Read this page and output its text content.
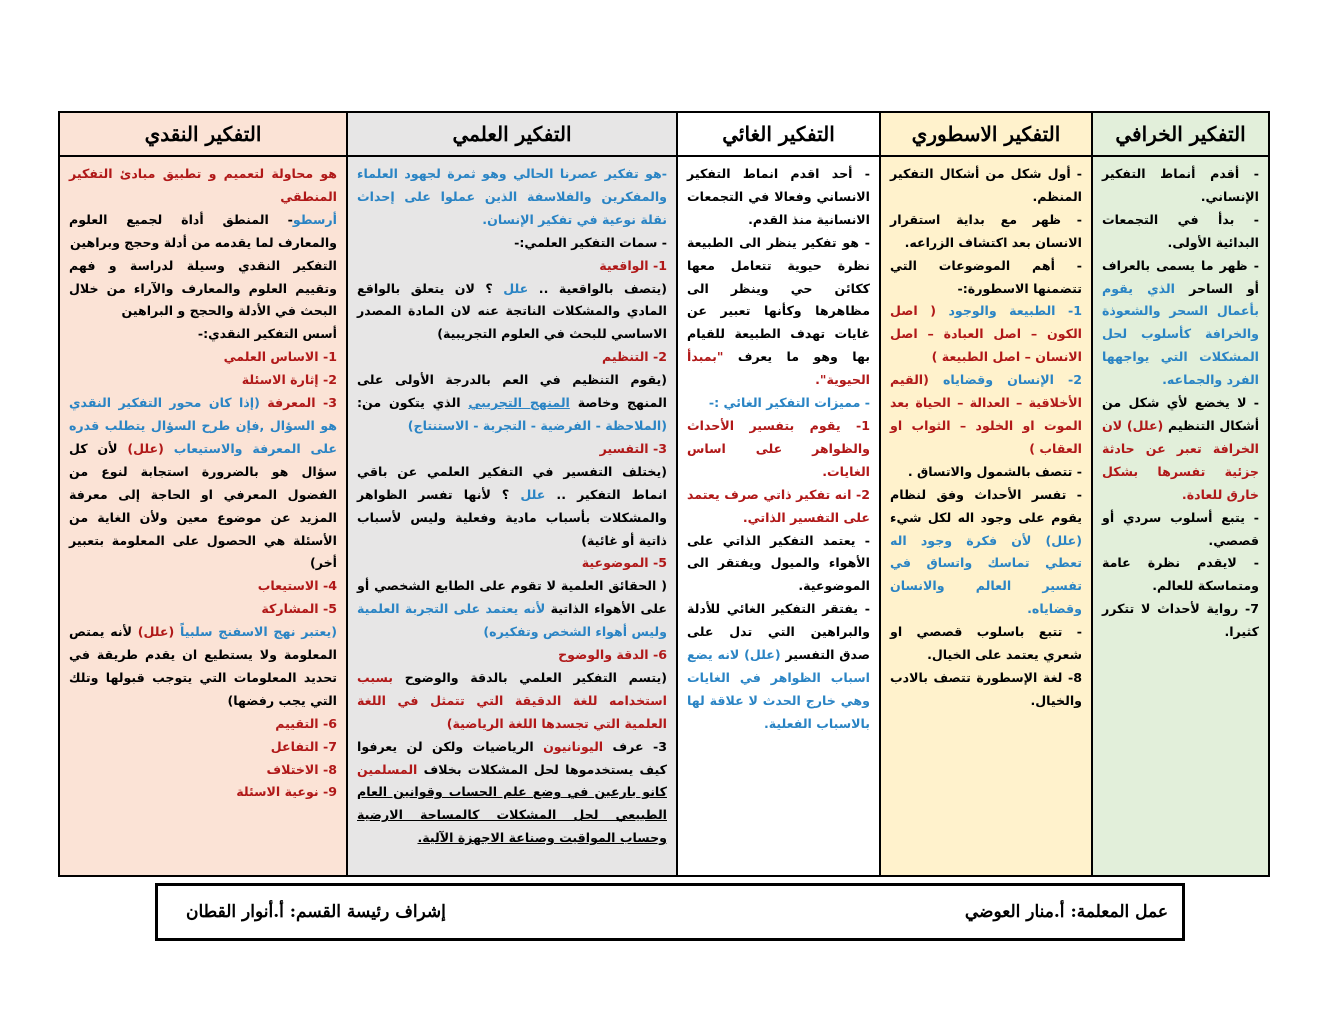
التفكير الخرافي

- أقدم أنماط التفكير الإنساني.

- بدأ في التجمعات البدائية الأولى.

- ظهر ما يسمى بالعراف أو الساحر الذي يقوم بأعمال السحر والشعوذة والخرافة كأسلوب لحل المشكلات التي يواجهها الفرد والجماعه.

- لا يخضع لأي شكل من أشكال التنظيم (علل) لان الخرافة تعبر عن حادثة جزئية تفسرها بشكل خارق للعادة.

- يتبع أسلوب سردي أو قصصي.

- لايقدم نظرة عامة ومتماسكة للعالم.

7- رواية لأحداث لا تتكرر كثيرا.

التفكير الاسطوري

- أول شكل من أشكال التفكير المنظم.

- ظهر مع بداية استقرار الانسان بعد اكتشاف الزراعه.

- أهم الموضوعات التي تتضمنها الاسطورة:-

1- الطبيعة والوجود ( اصل الكون – اصل العبادة – اصل الانسان – اصل الطبيعة )

2- الإنسان وقضاياه (القيم الأخلاقية – العدالة – الحياة بعد الموت او الخلود – الثواب او العقاب )

- تتصف بالشمول والاتساق .

- تفسر الأحداث وفق لنظام يقوم على وجود اله لكل شيء (علل) لأن فكرة وجود اله تعطي تماسك واتساق في تفسير العالم والانسان وقضاياه.

- تتبع باسلوب قصصي او شعري يعتمد على الخيال.

8- لغة الإسطورة تتصف بالادب والخيال.

التفكير الغائي

- أحد اقدم انماط التفكير الانساني وفعالا في التجمعات الانسانية منذ القدم.

- هو تفكير ينظر الى الطبيعة نظرة حيوية تتعامل معها ككائن حي وينظر الى مظاهرها وكأنها تعبير عن غايات تهدف الطبيعة للقيام بها وهو ما يعرف "بمبدأ الحيوية".

- مميزات التفكير الغائي :-

1- يقوم بتفسير الأحداث والظواهر على اساس الغايات.

2- انه تفكير ذاتي صرف يعتمد على التفسير الذاتي.

- يعتمد التفكير الذاتي على الأهواء والميول ويفتقر الى الموضوعية.

- يفتقر التفكير الغائي للأدلة والبراهين التي تدل على صدق التفسير (علل) لانه يضع اسباب الظواهر في الغايات وهي خارج الحدث لا علاقة لها بالاسباب الفعلية.

التفكير العلمي

-هو تفكير عصرنا الحالي وهو ثمرة لجهود العلماء والمفكرين والفلاسفة الذين عملوا على إحداث نقلة نوعية في تفكير الإنسان.

- سمات التفكير العلمي:-

1- الواقعية

(يتصف بالواقعية .. علل ؟ لان يتعلق بالواقع المادي والمشكلات الناتجة عنه لان المادة المصدر الاساسي للبحث في العلوم التجريبية)

2- التنظيم

(يقوم التنظيم في العم بالدرجة الأولى على المنهج وخاصة المنهج التجريبي الذي يتكون من: (الملاحظة - الفرضية - التجربة - الاستنتاج)

3- التفسير

(يختلف التفسير في التفكير العلمي عن باقي انماط التفكير .. علل ؟ لأنها تفسر الظواهر والمشكلات بأسباب مادية وفعلية وليس لأسباب ذاتية أو غائية)

5- الموضوعية

( الحقائق العلمية لا تقوم على الطابع الشخصي أو على الأهواء الذاتية لأنه يعتمد على التجربة العلمية وليس أهواء الشخص وتفكيره)

6- الدقة والوضوح

(يتسم التفكير العلمي بالدقة والوضوح بسبب استخدامه للغة الدقيقة التي تتمثل في اللغة العلمية التي تجسدها اللغة الرياضية)

3- عرف اليونانيون الرياضيات ولكن لن يعرفوا كيف يستخدموها لحل المشكلات بخلاف المسلمين كانو بارعين في وضع علم الحساب وقوانين العام الطبيعي لحل المشكلات كالمساحة الارضية وحساب المواقيت وصناعة الاجهزة الآلية.

التفكير النقدي

هو محاولة لتعميم و تطبيق مبادئ التفكير المنطقي

أرسطو- المنطق أداة لجميع العلوم والمعارف لما يقدمه من أدلة وحجج وبراهين

التفكير النقدي وسيلة لدراسة و فهم وتقييم العلوم والمعارف والآراء من خلال البحث في الأدلة والحجج و البراهين

أسس التفكير النقدي:-

1- الاساس العلمي

2- إثارة الاسئلة

3- المعرفة (إذا كان محور التفكير النقدي هو السؤال ,فإن طرح السؤال يتطلب قدره على المعرفة والاستيعاب (علل) لأن كل سؤال هو بالضرورة استجابة لنوع من الفضول المعرفي او الحاجة إلى معرفة المزيد عن موضوع معين ولأن الغاية من الأسئلة هي الحصول على المعلومة بتعبير أخر)

4- الاستيعاب

5- المشاركة

(يعتبر نهج الاسفنج سلبياً (علل) لأنه يمتص المعلومة ولا يستطيع ان يقدم طريقة في تحديد المعلومات التي يتوجب قبولها وتلك التي يجب رفضها)

6- التقييم

7- التفاعل

8- الاختلاف

9- نوعية الاسئلة

عمل المعلمة: أ.منار العوضي
إشراف رئيسة القسم: أ.أنوار القطان
